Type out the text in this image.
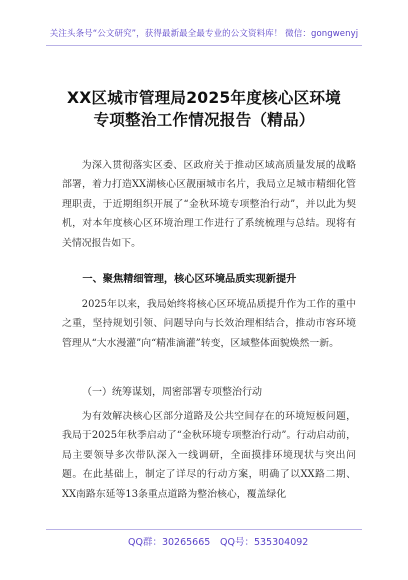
关注头条号“公文研究”，获得最新最全最专业的公文资料库！ 微信：gongwenyj
XX区城市管理局2025年度核心区环境
专项整治工作情况报告（精品）
为深入贯彻落实区委、区政府关于推动区域高质量发展的战略部署，着力打造XX湖核心区靓丽城市名片，我局立足城市精细化管理职责，于近期组织开展了“金秋环境专项整治行动”，并以此为契机，对本年度核心区环境治理工作进行了系统梳理与总结。现将有关情况报告如下。
一、聚焦精细管理，核心区环境品质实现新提升
2025年以来，我局始终将核心区环境品质提升作为工作的重中之重，坚持规划引领、问题导向与长效治理相结合，推动市容环境管理从“大水漫灌”向“精准滴灌”转变，区域整体面貌焕然一新。
（一）统筹谋划，周密部署专项整治行动
为有效解决核心区部分道路及公共空间存在的环境短板问题，我局于2025年秋季启动了“金秋环境专项整治行动”。行动启动前，局主要领导多次带队深入一线调研，全面摸排环境现状与突出问题。在此基础上，制定了详尽的行动方案，明确了以XX路二期、XX南路东延等13条重点道路为整治核心，覆盖绿化
QQ群：30265665 QQ号：535304092
